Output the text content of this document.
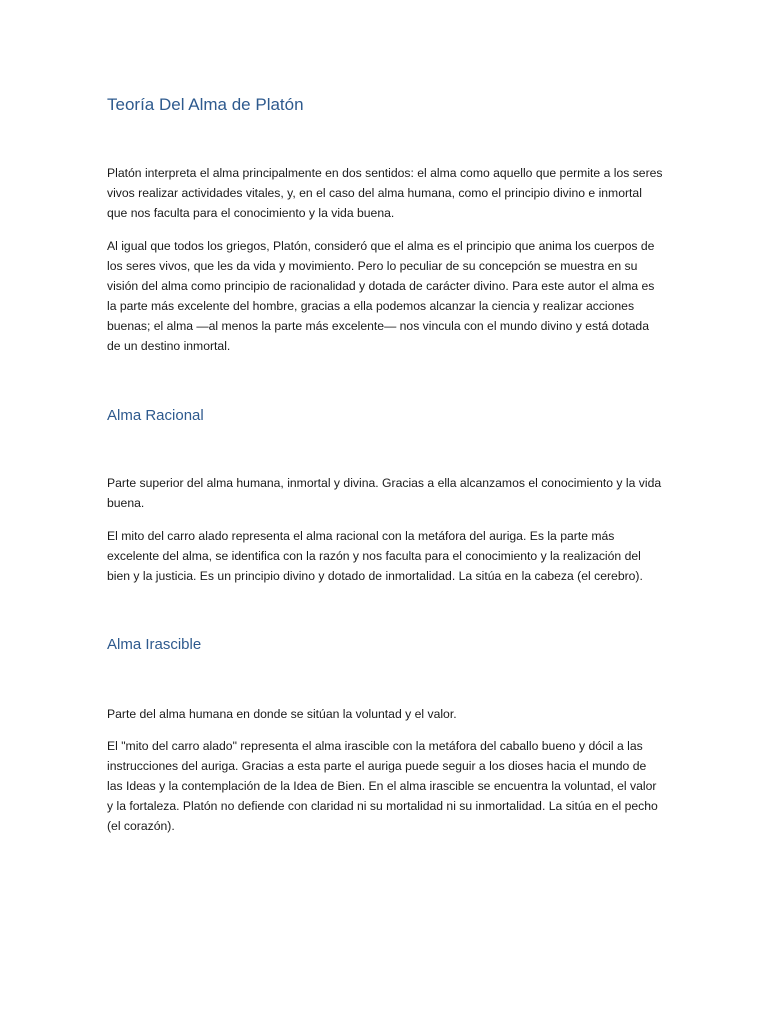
Teoría Del Alma de Platón

Platón interpreta el alma principalmente en dos sentidos: el alma como aquello que permite a los seres vivos realizar actividades vitales, y, en el caso del alma humana, como el principio divino e inmortal que nos faculta para el conocimiento y la vida buena.

Al igual que todos los griegos, Platón, consideró que el alma es el principio que anima los cuerpos de los seres vivos, que les da vida y movimiento. Pero lo peculiar de su concepción se muestra en su visión del alma como principio de racionalidad y dotada de carácter divino. Para este autor el alma es la parte más excelente del hombre, gracias a ella podemos alcanzar la ciencia y realizar acciones buenas; el alma —al menos la parte más excelente— nos vincula con el mundo divino y está dotada de un destino inmortal.

Alma Racional

Parte superior del alma humana, inmortal y divina. Gracias a ella alcanzamos el conocimiento y la vida buena.

El mito del carro alado representa el alma racional con la metáfora del auriga. Es la parte más excelente del alma, se identifica con la razón y nos faculta para el conocimiento y la realización del bien y la justicia. Es un principio divino y dotado de inmortalidad. La sitúa en la cabeza (el cerebro).

Alma Irascible

Parte del alma humana en donde se sitúan la voluntad y el valor.

El "mito del carro alado" representa el alma irascible con la metáfora del caballo bueno y dócil a las instrucciones del auriga. Gracias a esta parte el auriga puede seguir a los dioses hacia el mundo de las Ideas y la contemplación de la Idea de Bien. En el alma irascible se encuentra la voluntad, el valor y la fortaleza. Platón no defiende con claridad ni su mortalidad ni su inmortalidad. La sitúa en el pecho (el corazón).
